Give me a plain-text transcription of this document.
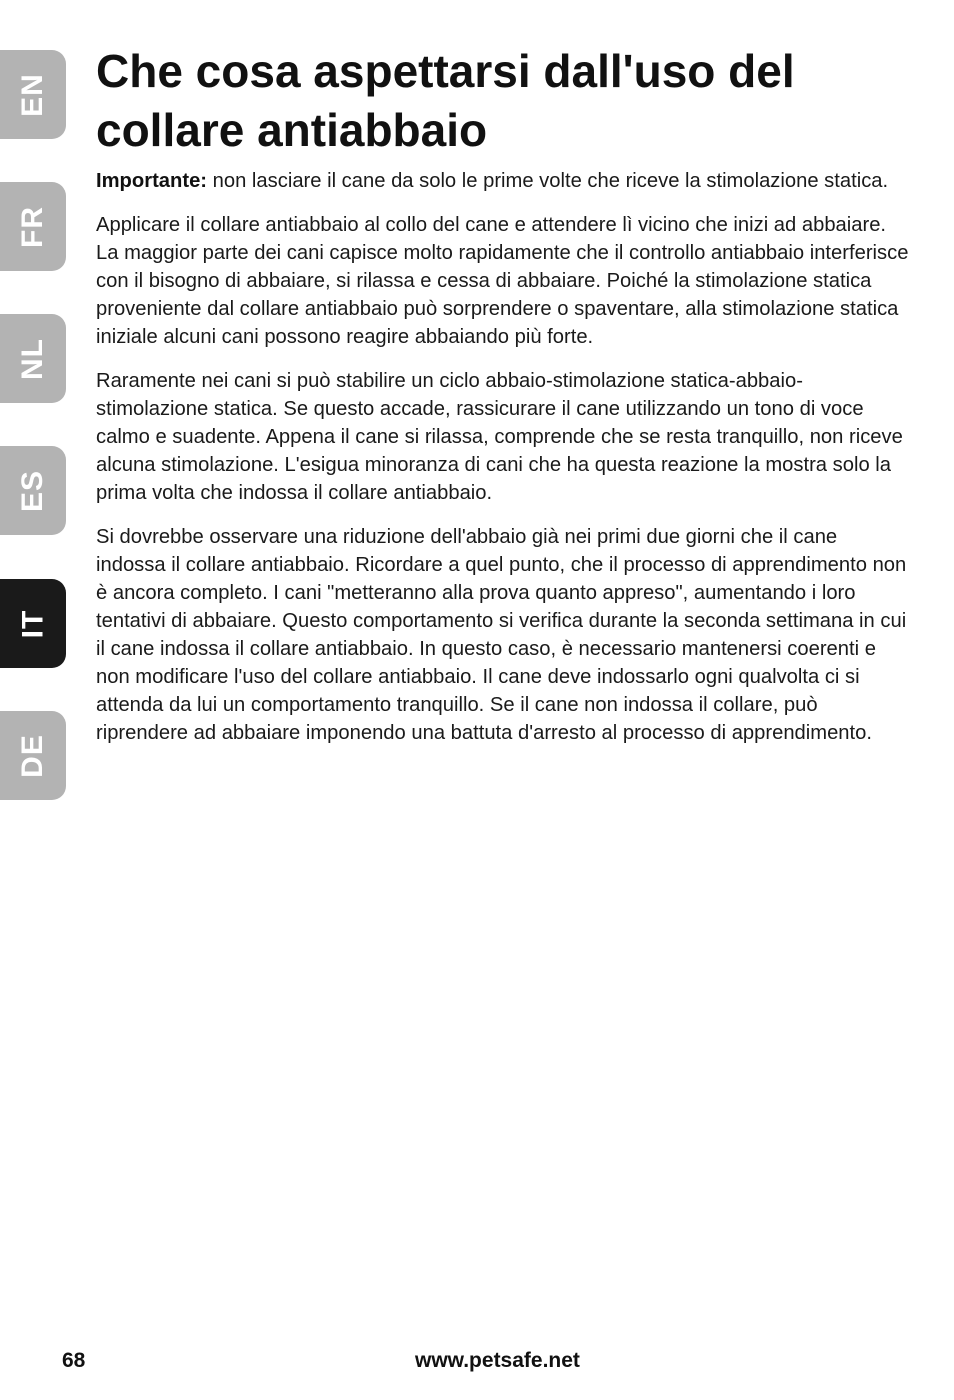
EN
FR
NL
ES
IT
DE
Che cosa aspettarsi dall'uso del collare antiabbaio

Importante: non lasciare il cane da solo le prime volte che riceve la stimolazione statica.

Applicare il collare antiabbaio al collo del cane e attendere lì vicino che inizi ad abbaiare. La maggior parte dei cani capisce molto rapidamente che il controllo antiabbaio interferisce con il bisogno di abbaiare, si rilassa e cessa di abbaiare. Poiché la stimolazione statica proveniente dal collare antiabbaio può sorprendere o spaventare, alla stimolazione statica iniziale alcuni cani possono reagire abbaiando più forte.

Raramente nei cani si può stabilire un ciclo abbaio-stimolazione statica-abbaio-stimolazione statica. Se questo accade, rassicurare il cane utilizzando un tono di voce calmo e suadente. Appena il cane si rilassa, comprende che se resta tranquillo, non riceve alcuna stimolazione. L'esigua minoranza di cani che ha questa reazione la mostra solo la prima volta che indossa il collare antiabbaio.

Si dovrebbe osservare una riduzione dell'abbaio già nei primi due giorni che il cane indossa il collare antiabbaio. Ricordare a quel punto, che il processo di apprendimento non è ancora completo. I cani "metteranno alla prova quanto appreso", aumentando i loro tentativi di abbaiare. Questo comportamento si verifica durante la seconda settimana in cui il cane indossa il collare antiabbaio. In questo caso, è necessario mantenersi coerenti e non modificare l'uso del collare antiabbaio. Il cane deve indossarlo ogni qualvolta ci si attenda da lui un comportamento tranquillo. Se il cane non indossa il collare, può riprendere ad abbaiare imponendo una battuta d'arresto al processo di apprendimento.

68	www.petsafe.net
